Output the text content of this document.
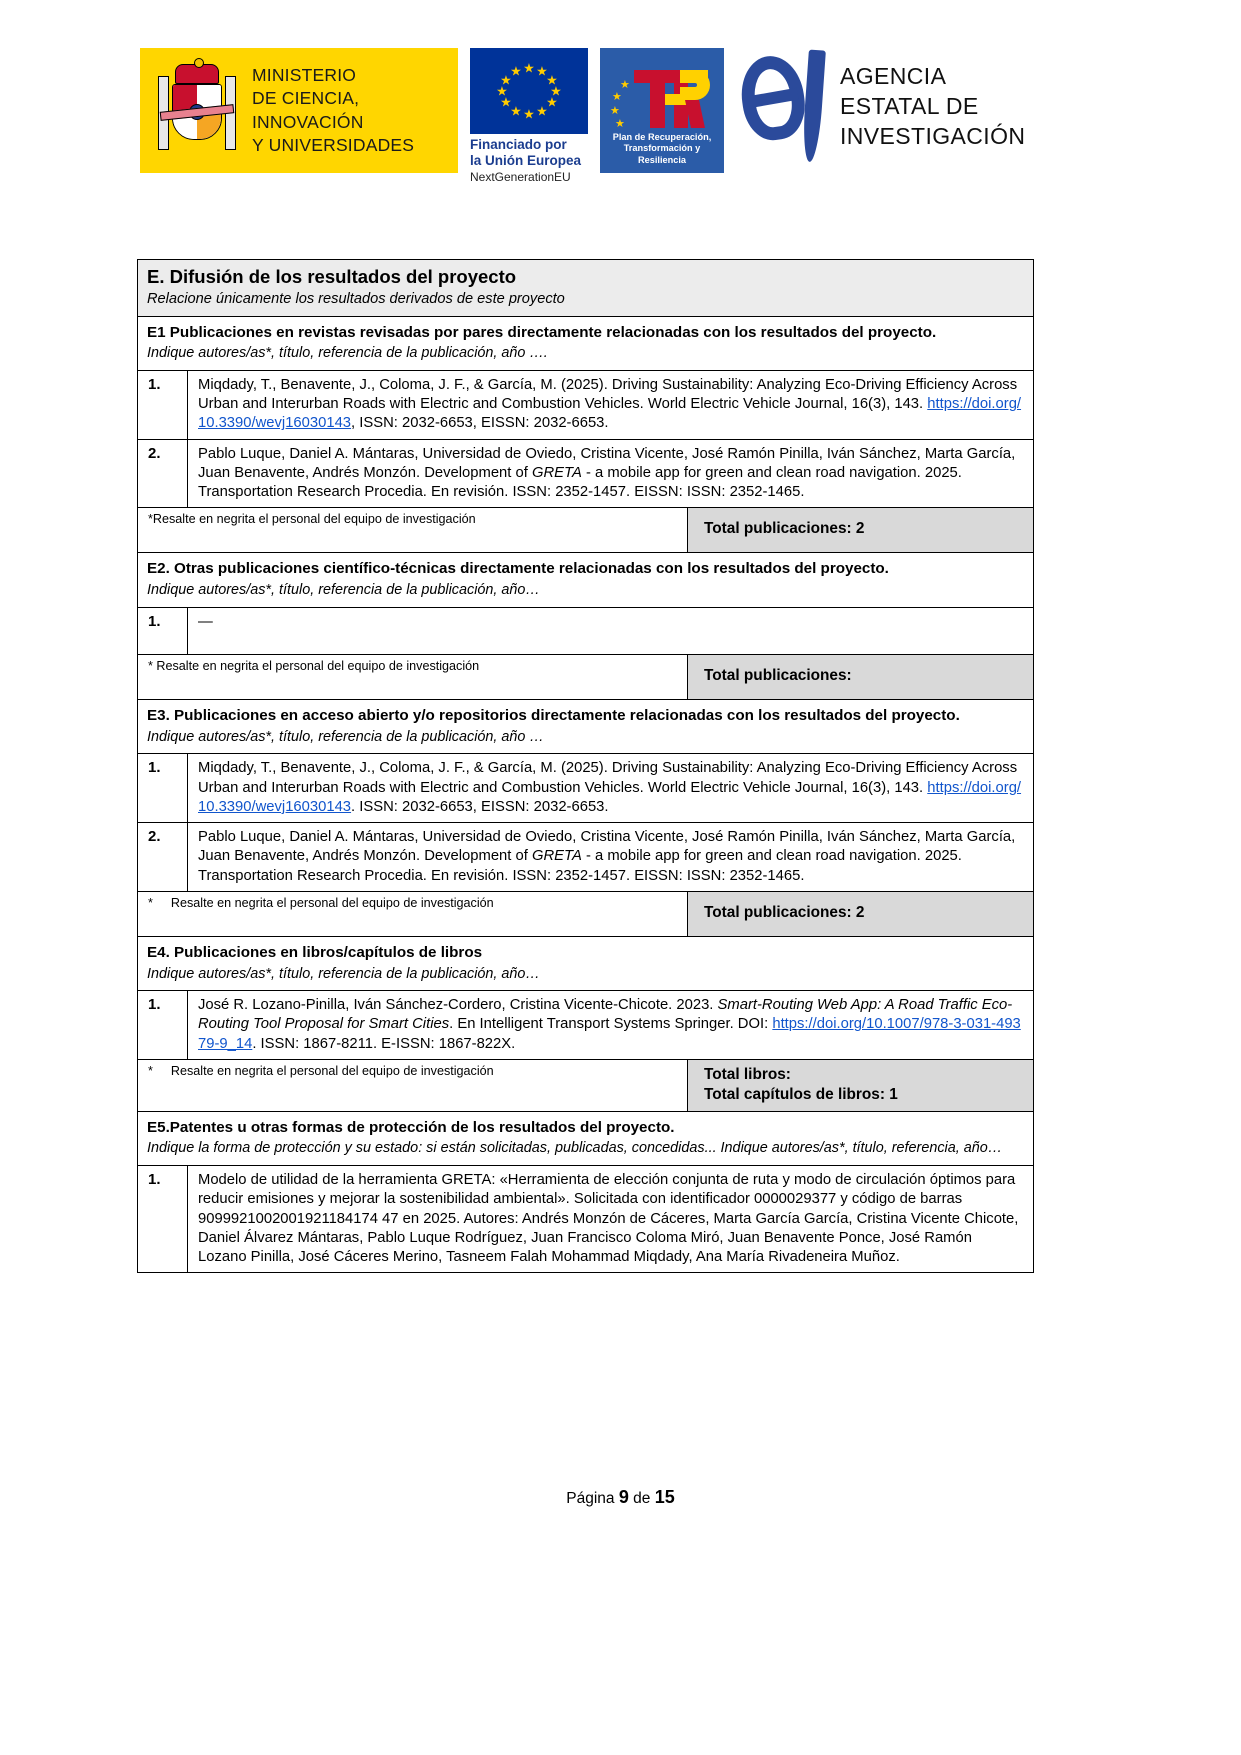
MINISTERIO
DE CIENCIA, INNOVACIÓN
Y UNIVERSIDADES
★ ★
★
★
★
★
★
★
★
★
★
★
Financiado por
la Unión Europea
NextGenerationEU
★
★
★
★
Plan de Recuperación,
Transformación y
Resiliencia
AGENCIA
ESTATAL DE
INVESTIGACIÓN
E. Difusión de los resultados del proyecto
Relacione únicamente los resultados derivados de este proyecto
E1 Publicaciones en revistas revisadas por pares directamente relacionadas con los resultados del proyecto.
Indique autores/as*, título, referencia de la publicación, año ….
1.	Miqdady, T., Benavente, J., Coloma, J. F., & García, M. (2025). Driving Sustainability: Analyzing Eco-Driving Efficiency Across Urban and Interurban Roads with Electric and Combustion Vehicles. World Electric Vehicle Journal, 16(3), 143. https://doi.org/10.3390/wevj16030143, ISSN: 2032-6653, EISSN: 2032-6653.
2.	Pablo Luque, Daniel A. Mántaras, Universidad de Oviedo, Cristina Vicente, José Ramón Pinilla, Iván Sánchez, Marta García, Juan Benavente, Andrés Monzón. Development of GRETA - a mobile app for green and clean road navigation. 2025. Transportation Research Procedia. En revisión. ISSN: 2352-1457. EISSN: ISSN: 2352-1465.
*Resalte en negrita el personal del equipo de investigación
Total publicaciones: 2
E2. Otras publicaciones científico-técnicas directamente relacionadas con los resultados del proyecto.
Indique autores/as*, título, referencia de la publicación, año…
1.	—
* Resalte en negrita el personal del equipo de investigación
Total publicaciones:
E3. Publicaciones en acceso abierto y/o repositorios directamente relacionadas con los resultados del proyecto.
Indique autores/as*, título, referencia de la publicación, año …
1.	Miqdady, T., Benavente, J., Coloma, J. F., & García, M. (2025). Driving Sustainability: Analyzing Eco-Driving Efficiency Across Urban and Interurban Roads with Electric and Combustion Vehicles. World Electric Vehicle Journal, 16(3), 143. https://doi.org/10.3390/wevj16030143. ISSN: 2032-6653, EISSN: 2032-6653.
2.	Pablo Luque, Daniel A. Mántaras, Universidad de Oviedo, Cristina Vicente, José Ramón Pinilla, Iván Sánchez, Marta García, Juan Benavente, Andrés Monzón. Development of GRETA - a mobile app for green and clean road navigation. 2025. Transportation Research Procedia. En revisión. ISSN: 2352-1457. EISSN: ISSN: 2352-1465.
* Resalte en negrita el personal del equipo de investigación
Total publicaciones: 2
E4. Publicaciones en libros/capítulos de libros
Indique autores/as*, título, referencia de la publicación, año…
1.	José R. Lozano-Pinilla, Iván Sánchez-Cordero, Cristina Vicente-Chicote. 2023. Smart-Routing Web App: A Road Traffic Eco-Routing Tool Proposal for Smart Cities. En Intelligent Transport Systems Springer. DOI: https://doi.org/10.1007/978-3-031-49379-9_14. ISSN: 1867-8211. E-ISSN: 1867-822X.
* Resalte en negrita el personal del equipo de investigación	Total libros:
Total capítulos de libros: 1
E5.Patentes u otras formas de protección de los resultados del proyecto.
Indique la forma de protección y su estado: si están solicitadas, publicadas, concedidas... Indique autores/as*, título, referencia, año…
1.	Modelo de utilidad de la herramienta GRETA: «Herramienta de elección conjunta de ruta y modo de circulación óptimos para reducir emisiones y mejorar la sostenibilidad ambiental». Solicitada con identificador 0000029377 y código de barras 9099921002001921184174 47 en 2025. Autores: Andrés Monzón de Cáceres, Marta García García, Cristina Vicente Chicote, Daniel Álvarez Mántaras, Pablo Luque Rodríguez, Juan Francisco Coloma Miró, Juan Benavente Ponce, José Ramón Lozano Pinilla, José Cáceres Merino, Tasneem Falah Mohammad Miqdady, Ana María Rivadeneira Muñoz.
Página 9 de 15
